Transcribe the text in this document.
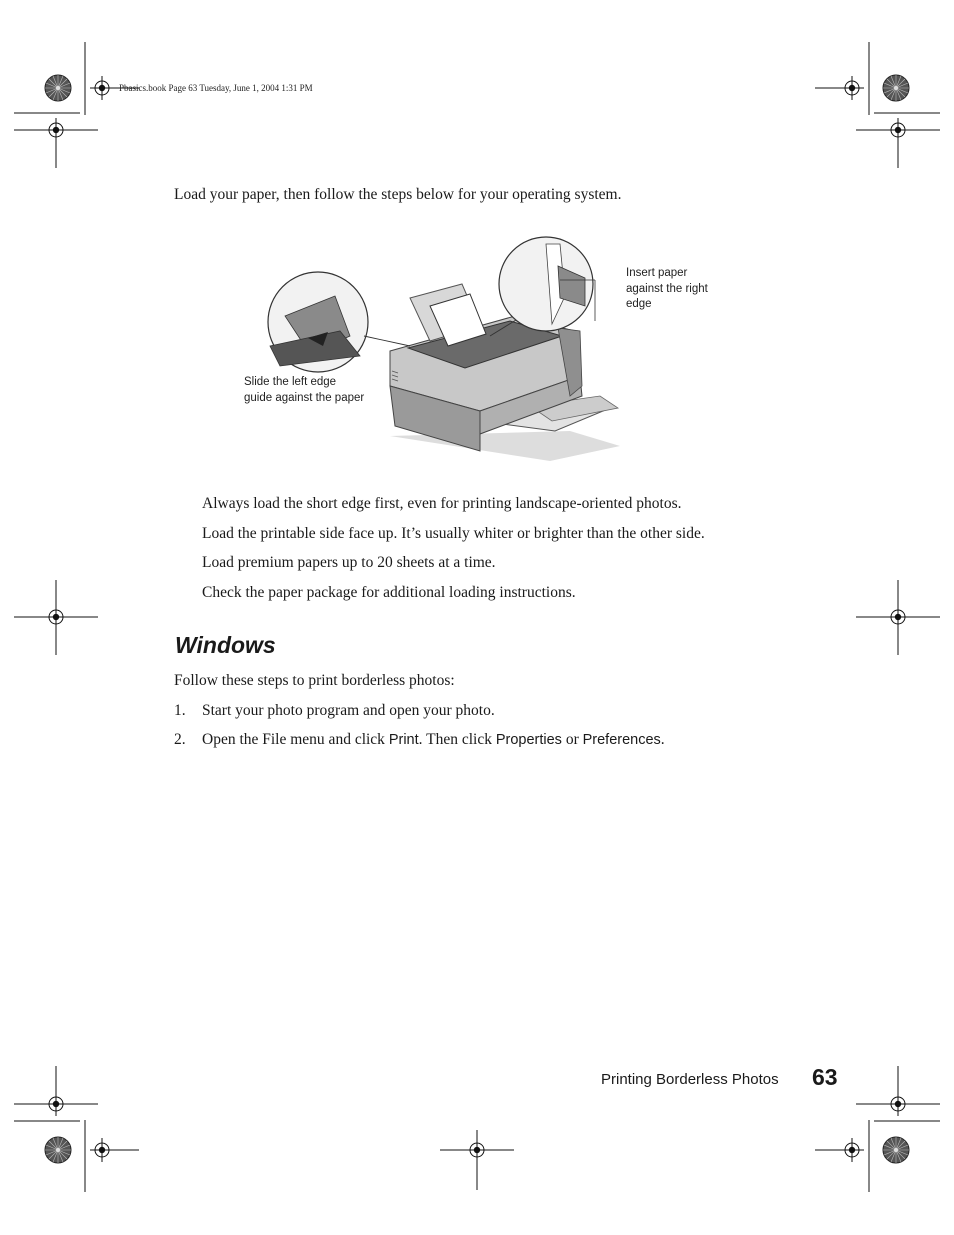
Pbasics.book Page 63 Tuesday, June 1, 2004 1:31 PM
Load your paper, then follow the steps below for your operating system.
Slide the left edge
guide against the paper
Insert paper
against the right
edge
Always load the short edge first, even for printing landscape-oriented photos.
Load the printable side face up. It’s usually whiter or brighter than the other side.
Load premium papers up to 20 sheets at a time.
Check the paper package for additional loading instructions.
Windows
Follow these steps to print borderless photos:
1. Start your photo program and open your photo.
2. Open the File menu and click Print. Then click Properties or Preferences.
Printing Borderless Photos 63
